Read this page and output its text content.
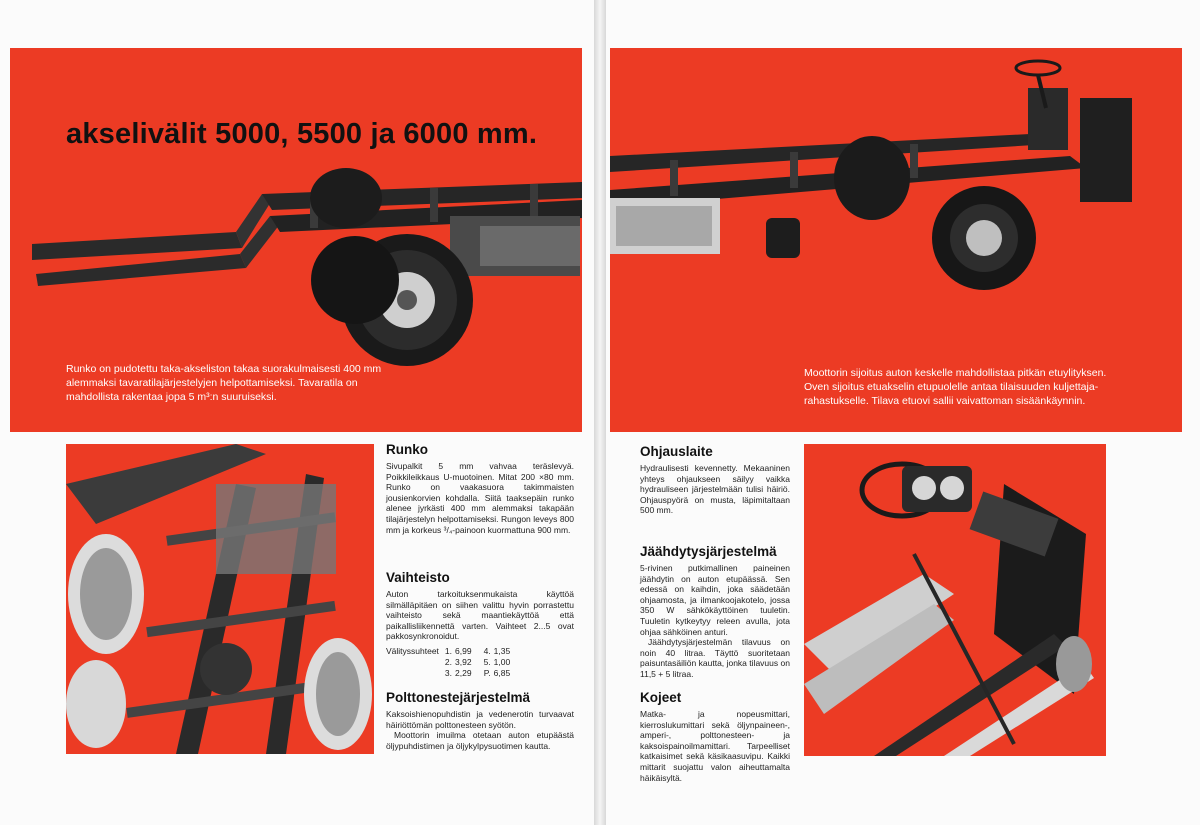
akselivälit 5000, 5500 ja 6000 mm.

Runko on pudotettu taka-akseliston takaa suorakulmaisesti 400 mm
alemmaksi tavaratilajärjestelyjen helpottamiseksi. Tavaratila on
mahdollista rakentaa jopa 5 m³:n suuruiseksi.

Runko

Sivupalkit 5 mm vahvaa teräslevyä. Poikkileikkaus U-muotoinen. Mitat 200 ×80 mm. Runko on vaakasuora takimmaisten jousienkorvien kohdalla. Siitä taaksepäin runko alenee jyrkästi 400 mm alemmaksi takapään tilajärjestelyn helpottamiseksi. Rungon leveys 800 mm ja korkeus ³/₄-painoon kuormattuna 900 mm.

Vaihteisto

Auton tarkoituksenmukaista käyttöä silmälläpitäen on siihen valittu hyvin porrastettu vaihteisto sekä maantiekäyttöä että paikallisliikennettä varten. Vaihteet 2...5 ovat pakkosynkronoidut.

Välityssuhteet	1.	6,99	4.	1,35
	2.	3,92	5.	1,00
	3.	2,29	P.	6,85
Polttonestejärjestelmä

Kaksoishienopuhdistin ja vedenerotin turvaavat häiriöttömän polttonesteen syötön.

Moottorin imuilma otetaan auton etupäästä öljypuhdistimen ja öljykylpysuotimen kautta.

Moottorin sijoitus auton keskelle mahdollistaa pitkän etuylityksen.
Oven sijoitus etuakselin etupuolelle antaa tilaisuuden kuljettaja-
rahastukselle. Tilava etuovi sallii vaivattoman sisäänkäynnin.

Ohjauslaite

Hydraulisesti kevennetty. Mekaaninen yhteys ohjaukseen säilyy vaikka hydrauliseen järjestelmään tulisi häiriö. Ohjauspyörä on musta, läpimitaltaan 500 mm.

Jäähdytysjärjestelmä

5-rivinen putkimallinen paineinen jäähdytin on auton etupäässä. Sen edessä on kaihdin, joka säädetään ohjaamosta, ja ilmankoojakotelo, jossa 350 W sähkökäyttöinen tuuletin. Tuuletin kytkeytyy releen avulla, jota ohjaa sähköinen anturi.

Jäähdytysjärjestelmän tilavuus on noin 40 litraa. Täyttö suoritetaan paisuntasäiliön kautta, jonka tilavuus on 11,5 + 5 litraa.

Kojeet

Matka- ja nopeusmittari, kierroslukumittari sekä öljynpaineen-, amperi-, polttonesteen- ja kaksoispainoilmamittari. Tarpeelliset katkaisimet sekä käsikaasuvipu. Kaikki mittarit suojattu valon aiheuttamalta häikäisyltä.
